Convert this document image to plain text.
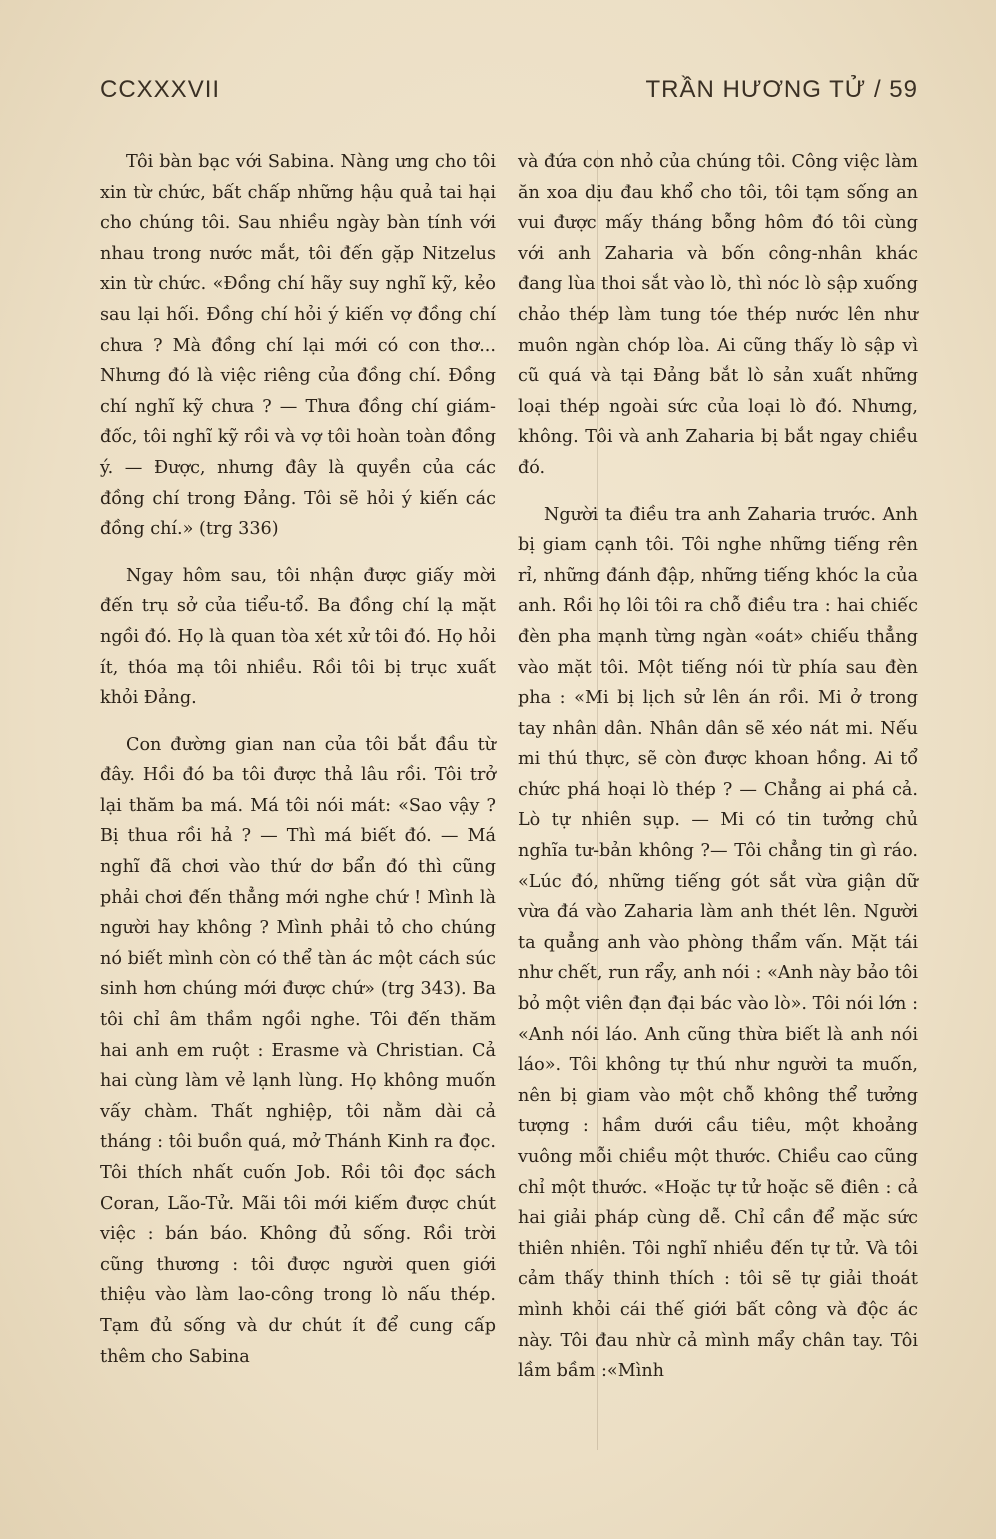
CCXXXVII	TRẦN HƯƠNG TỬ / 59

Tôi bàn bạc với Sabina. Nàng ưng cho tôi xin từ chức, bất chấp những hậu quả tai hại cho chúng tôi. Sau nhiều ngày bàn tính với nhau trong nước mắt, tôi đến gặp Nitzelus xin từ chức. «Đồng chí hãy suy nghĩ kỹ, kẻo sau lại hối. Đồng chí hỏi ý kiến vợ đồng chí chưa ? Mà đồng chí lại mới có con thơ... Nhưng đó là việc riêng của đồng chí. Đồng chí nghĩ kỹ chưa ? — Thưa đồng chí giám-đốc, tôi nghĩ kỹ rồi và vợ tôi hoàn toàn đồng ý. — Được, nhưng đây là quyền của các đồng chí trong Đảng. Tôi sẽ hỏi ý kiến các đồng chí.» (trg 336)

Ngay hôm sau, tôi nhận được giấy mời đến trụ sở của tiểu-tổ. Ba đồng chí lạ mặt ngồi đó. Họ là quan tòa xét xử tôi đó. Họ hỏi ít, thóa mạ tôi nhiều. Rồi tôi bị trục xuất khỏi Đảng.

Con đường gian nan của tôi bắt đầu từ đây. Hồi đó ba tôi được thả lâu rồi. Tôi trở lại thăm ba má. Má tôi nói mát: «Sao vậy ? Bị thua rồi hả ? — Thì má biết đó. — Má nghĩ đã chơi vào thứ dơ bẩn đó thì cũng phải chơi đến thẳng mới nghe chứ ! Mình là người hay không ? Mình phải tỏ cho chúng nó biết mình còn có thể tàn ác một cách súc sinh hơn chúng mới được chứ» (trg 343). Ba tôi chỉ âm thầm ngồi nghe. Tôi đến thăm hai anh em ruột : Erasme và Christian. Cả hai cùng làm vẻ lạnh lùng. Họ không muốn vấy chàm. Thất nghiệp, tôi nằm dài cả tháng : tôi buồn quá, mở Thánh Kinh ra đọc. Tôi thích nhất cuốn Job. Rồi tôi đọc sách Coran, Lão-Tử. Mãi tôi mới kiếm được chút việc : bán báo. Không đủ sống. Rồi trời cũng thương : tôi được người quen giới thiệu vào làm lao-công trong lò nấu thép. Tạm đủ sống và dư chút ít để cung cấp thêm cho Sabina

và đứa con nhỏ của chúng tôi. Công việc làm ăn xoa dịu đau khổ cho tôi, tôi tạm sống an vui được mấy tháng bỗng hôm đó tôi cùng với anh Zaharia và bốn công-nhân khác đang lùa thoi sắt vào lò, thì nóc lò sập xuống chảo thép làm tung tóe thép nước lên như muôn ngàn chóp lòa. Ai cũng thấy lò sập vì cũ quá và tại Đảng bắt lò sản xuất những loại thép ngoài sức của loại lò đó. Nhưng, không. Tôi và anh Zaharia bị bắt ngay chiều đó.

Người ta điều tra anh Zaharia trước. Anh bị giam cạnh tôi. Tôi nghe những tiếng rên rỉ, những đánh đập, những tiếng khóc la của anh. Rồi họ lôi tôi ra chỗ điều tra : hai chiếc đèn pha mạnh từng ngàn «oát» chiếu thẳng vào mặt tôi. Một tiếng nói từ phía sau đèn pha : «Mi bị lịch sử lên án rồi. Mi ở trong tay nhân dân. Nhân dân sẽ xéo nát mi. Nếu mi thú thực, sẽ còn được khoan hồng. Ai tổ chức phá hoại lò thép ? — Chẳng ai phá cả. Lò tự nhiên sụp. — Mi có tin tưởng chủ nghĩa tư-bản không ?— Tôi chẳng tin gì ráo. «Lúc đó, những tiếng gót sắt vừa giận dữ vừa đá vào Zaharia làm anh thét lên. Người ta quẳng anh vào phòng thẩm vấn. Mặt tái như chết, run rẩy, anh nói : «Anh này bảo tôi bỏ một viên đạn đại bác vào lò». Tôi nói lớn : «Anh nói láo. Anh cũng thừa biết là anh nói láo». Tôi không tự thú như người ta muốn, nên bị giam vào một chỗ không thể tưởng tượng : hầm dưới cầu tiêu, một khoảng vuông mỗi chiều một thước. Chiều cao cũng chỉ một thước. «Hoặc tự tử hoặc sẽ điên : cả hai giải pháp cùng dễ. Chỉ cần để mặc sức thiên nhiên. Tôi nghĩ nhiều đến tự tử. Và tôi cảm thấy thinh thích : tôi sẽ tự giải thoát mình khỏi cái thế giới bất công và độc ác này. Tôi đau nhừ cả mình mẩy chân tay. Tôi lầm bầm :«Mình
